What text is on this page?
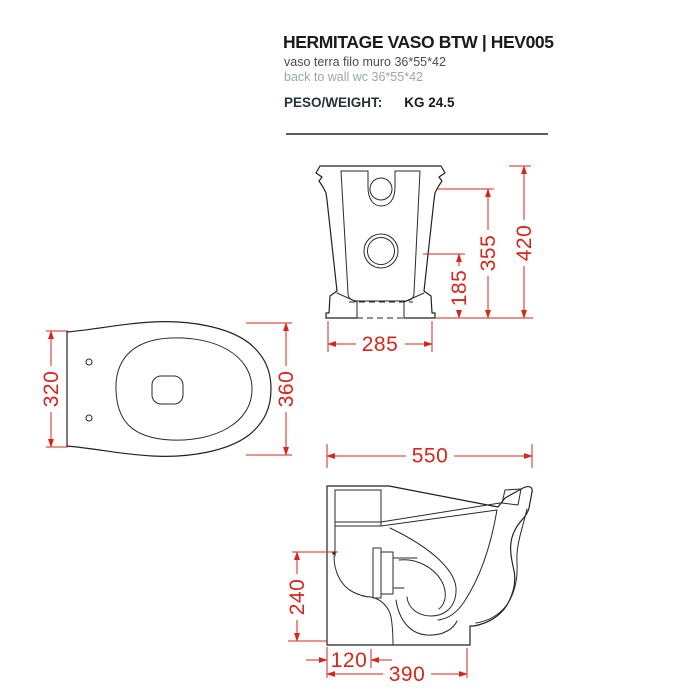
HERMITAGE VASO BTW | HEV005
vaso terra filo muro 36*55*42
back to wall wc 36*55*42
PESO/WEIGHT: KG 24.5
285
185
355 420
320	360
550
240
120
390
